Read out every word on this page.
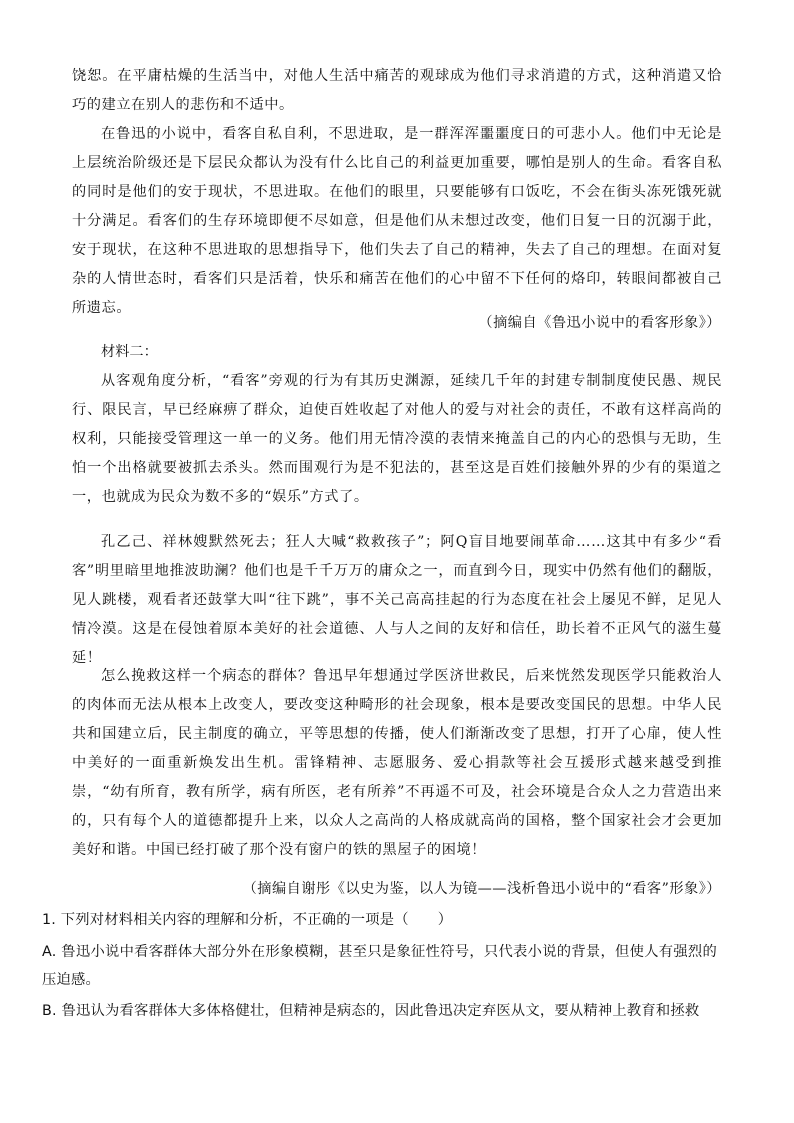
饶恕。在平庸枯燥的生活当中，对他人生活中痛苦的观球成为他们寻求消遣的方式，这种消遣又恰巧的建立在别人的悲伤和不适中。

在鲁迅的小说中，看客自私自利，不思进取，是一群浑浑噩噩度日的可悲小人。他们中无论是上层统治阶级还是下层民众都认为没有什么比自己的利益更加重要，哪怕是别人的生命。看客自私的同时是他们的安于现状，不思进取。在他们的眼里，只要能够有口饭吃，不会在街头冻死饿死就十分满足。看客们的生存环境即便不尽如意，但是他们从未想过改变，他们日复一日的沉溺于此，安于现状，在这种不思进取的思想指导下，他们失去了自己的精神，失去了自己的理想。在面对复杂的人情世态时，看客们只是活着，快乐和痛苦在他们的心中留不下任何的烙印，转眼间都被自己所遗忘。

（摘编自《鲁迅小说中的看客形象》）

材料二：

从客观角度分析，“看客”旁观的行为有其历史渊源，延续几千年的封建专制制度使民愚、规民行、限民言，早已经麻痹了群众，迫使百姓收起了对他人的爱与对社会的责任，不敢有这样高尚的权利，只能接受管理这一单一的义务。他们用无情冷漠的表情来掩盖自己的内心的恐惧与无助，生怕一个出格就要被抓去杀头。然而围观行为是不犯法的，甚至这是百姓们接触外界的少有的渠道之一，也就成为民众为数不多的“娱乐”方式了。

孔乙己、祥林嫂默然死去；狂人大喊“救救孩子”；阿Q盲目地要闹革命……这其中有多少“看客”明里暗里地推波助澜？他们也是千千万万的庸众之一，而直到今日，现实中仍然有他们的翻版，见人跳楼，观看者还鼓掌大叫“往下跳”，事不关己高高挂起的行为态度在社会上屡见不鲜，足见人情冷漠。这是在侵蚀着原本美好的社会道德、人与人之间的友好和信任，助长着不正风气的滋生蔓延！

怎么挽救这样一个病态的群体？鲁迅早年想通过学医济世救民，后来恍然发现医学只能救治人的肉体而无法从根本上改变人，要改变这种畸形的社会现象，根本是要改变国民的思想。中华人民共和国建立后，民主制度的确立，平等思想的传播，使人们渐渐改变了思想，打开了心扉，使人性中美好的一面重新焕发出生机。雷锋精神、志愿服务、爱心捐款等社会互援形式越来越受到推崇，“幼有所育，教有所学，病有所医，老有所养”不再遥不可及，社会环境是合众人之力营造出来的，只有每个人的道德都提升上来，以众人之高尚的人格成就高尚的国格，整个国家社会才会更加美好和谐。中国已经打破了那个没有窗户的铁的黑屋子的困境！

（摘编自谢彤《以史为鉴，以人为镜——浅析鲁迅小说中的“看客”形象》）

1. 下列对材料相关内容的理解和分析，不正确的一项是（　　）

A. 鲁迅小说中看客群体大部分外在形象模糊，甚至只是象征性符号，只代表小说的背景，但使人有强烈的压迫感。

B. 鲁迅认为看客群体大多体格健壮，但精神是病态的，因此鲁迅决定弃医从文，要从精神上教育和拯救
